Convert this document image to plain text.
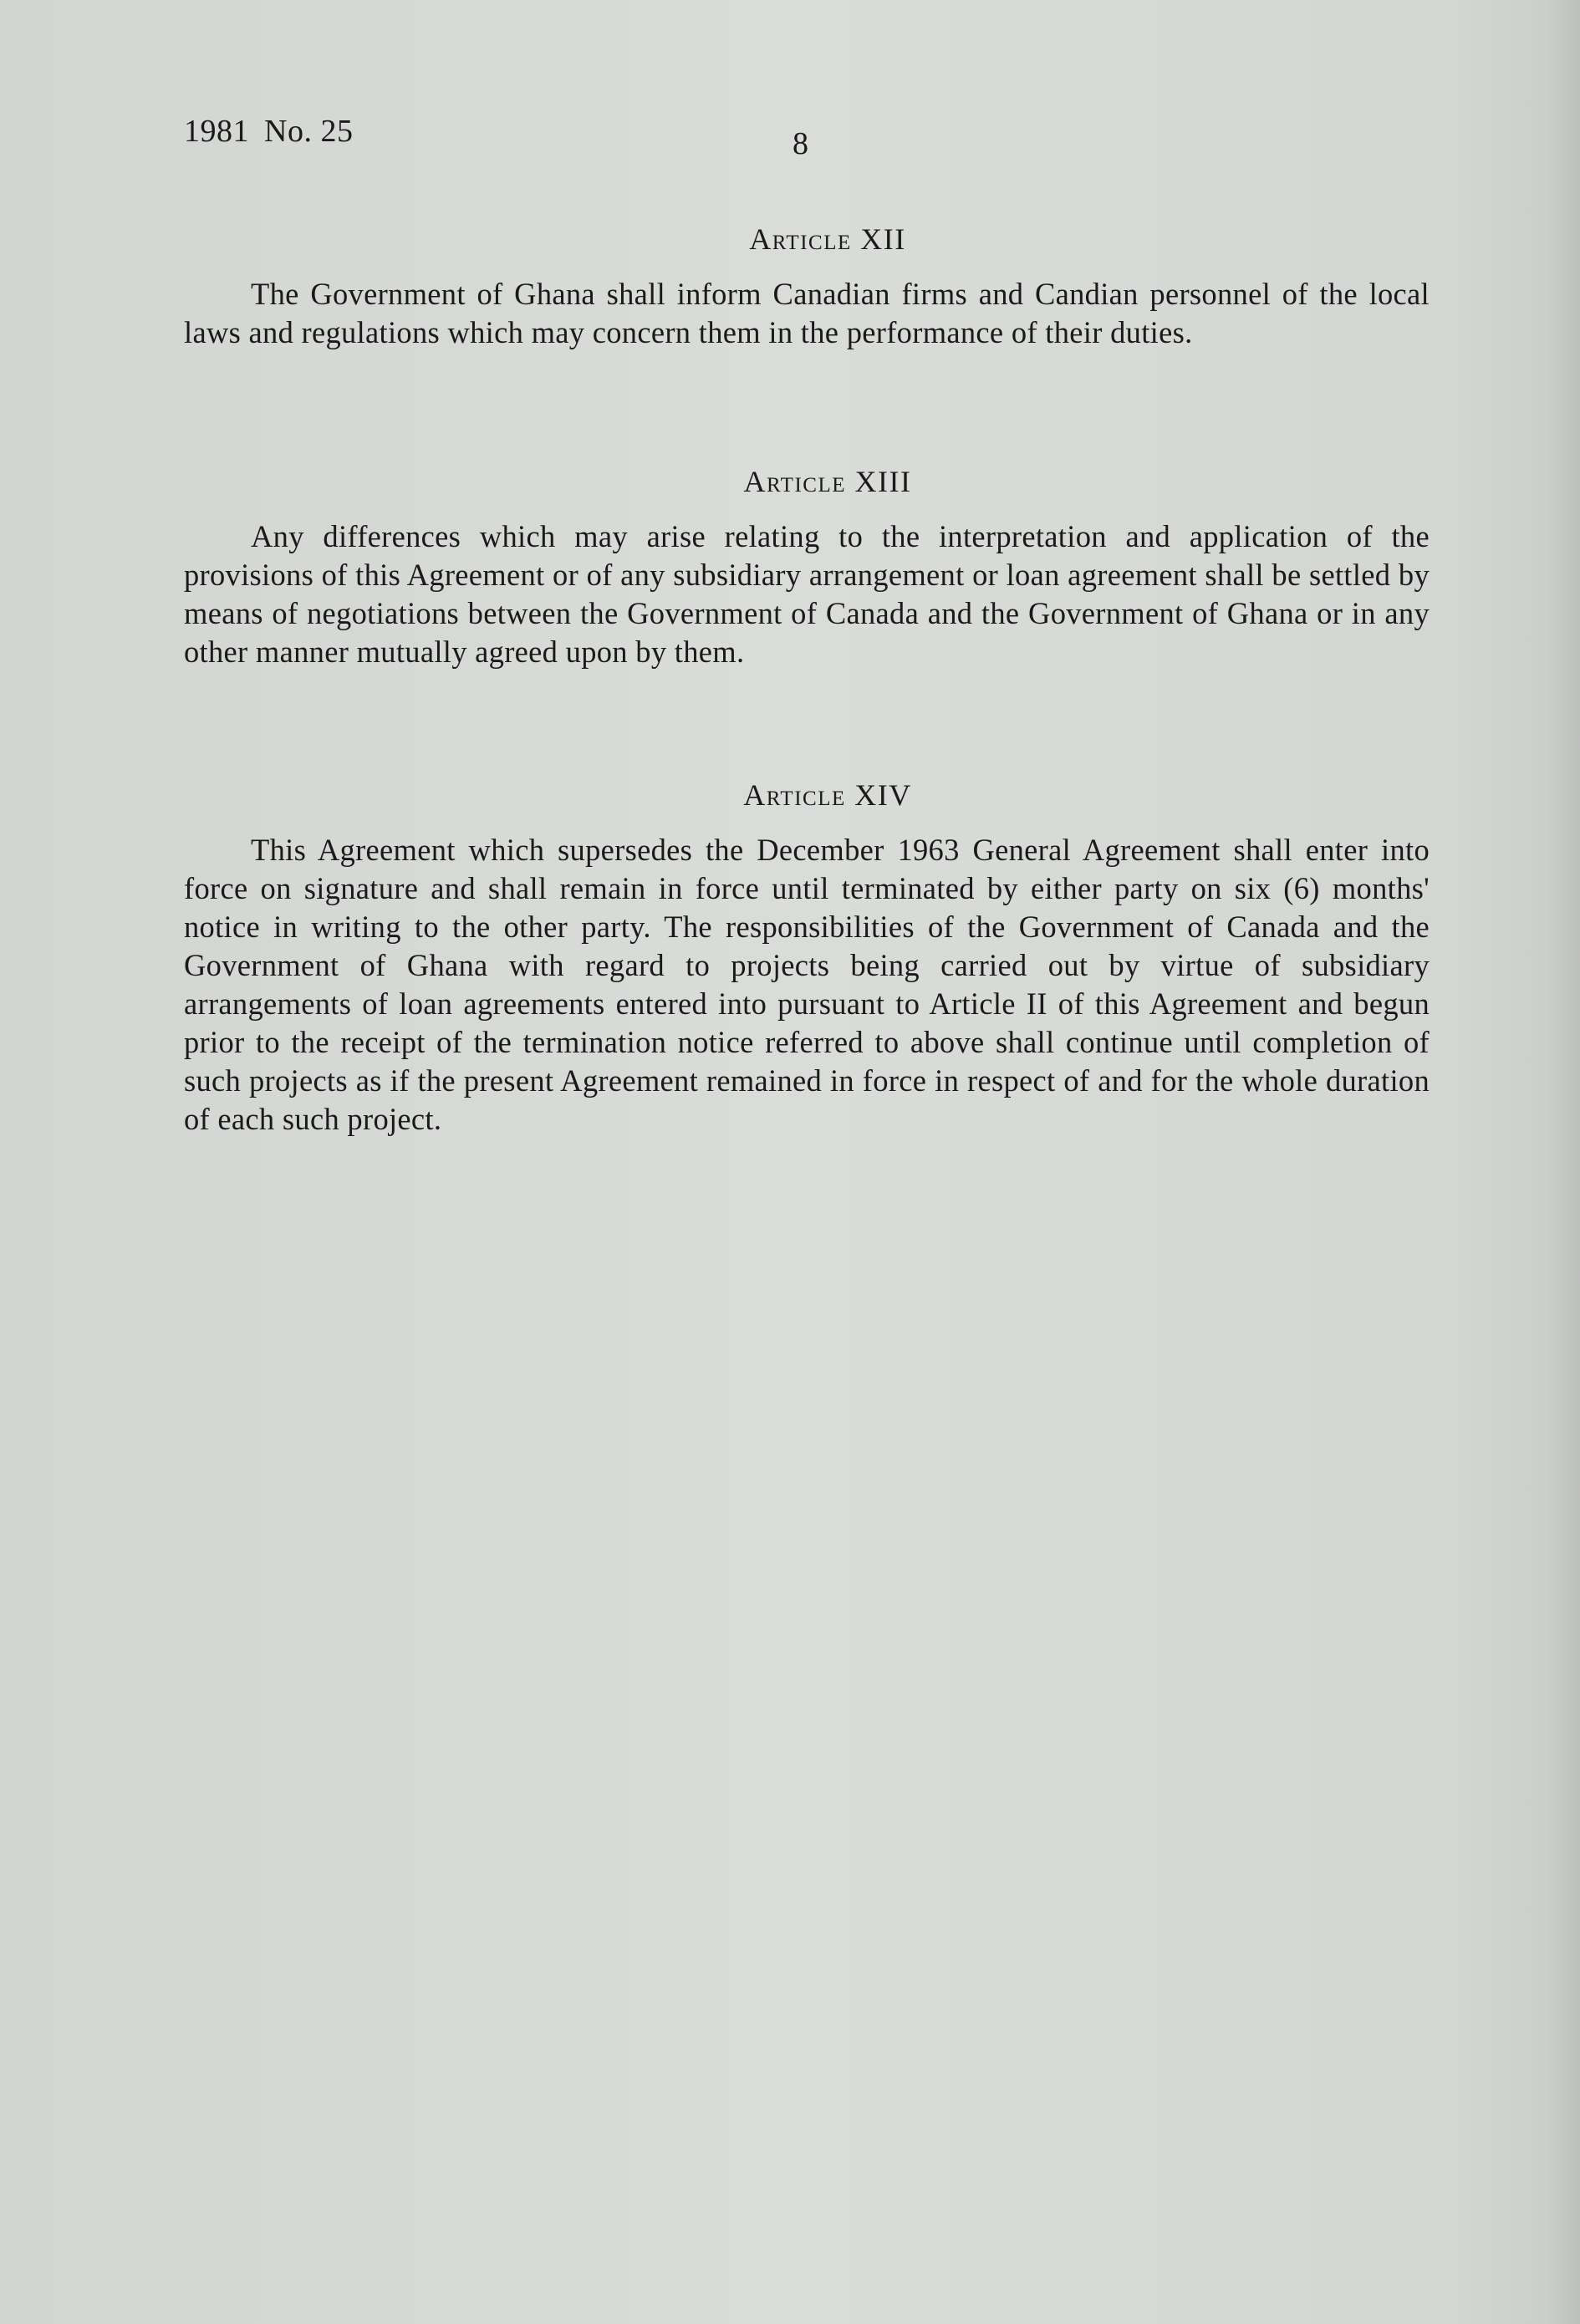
1981 No. 25	8
Article XII

The Government of Ghana shall inform Canadian firms and Candian personnel of the local laws and regulations which may concern them in the performance of their duties.

Article XIII

Any differences which may arise relating to the interpretation and application of the provisions of this Agreement or of any subsidiary arrangement or loan agreement shall be settled by means of negotiations between the Government of Canada and the Government of Ghana or in any other manner mutually agreed upon by them.

Article XIV

This Agreement which supersedes the December 1963 General Agreement shall enter into force on signature and shall remain in force until terminated by either party on six (6) months' notice in writing to the other party. The responsibilities of the Government of Canada and the Government of Ghana with regard to projects being carried out by virtue of subsidiary arrangements of loan agreements entered into pursuant to Article II of this Agreement and begun prior to the receipt of the termination notice referred to above shall continue until completion of such projects as if the present Agreement remained in force in respect of and for the whole duration of each such project.
